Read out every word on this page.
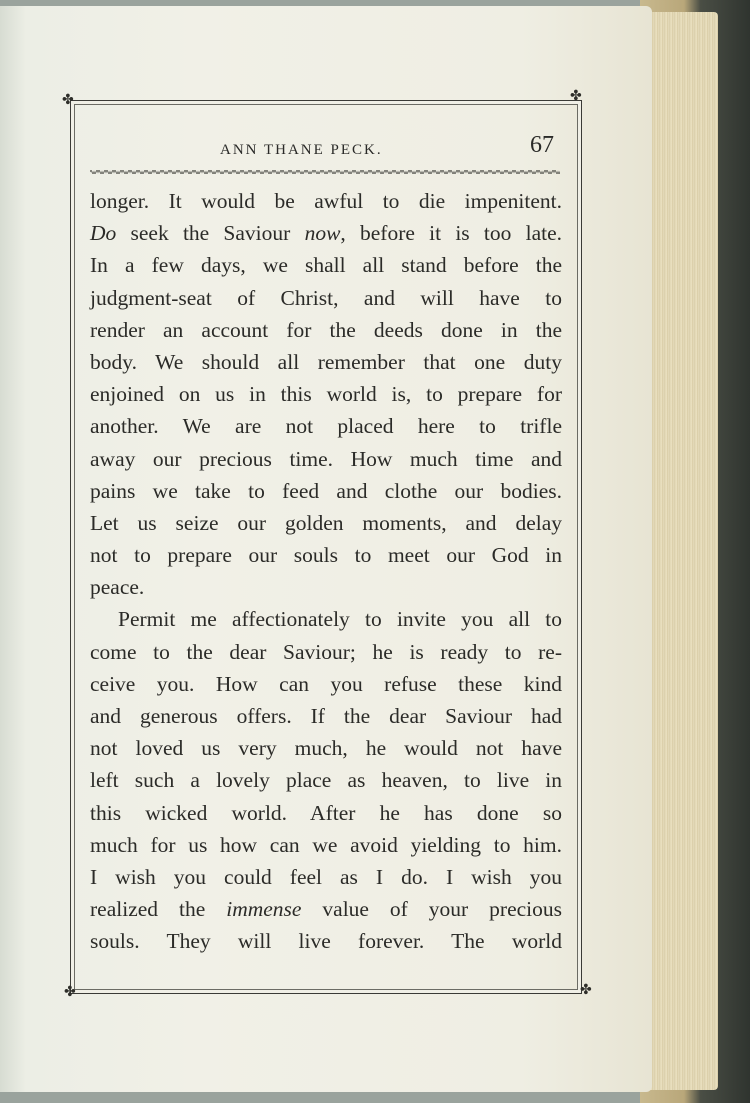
✤	✤
✤	✤
ANN THANE PECK.	67
longer. It would be awful to die impenitent.
Do seek the Saviour now, before it is too late.
In a few days, we shall all stand before the
judgment-seat of Christ, and will have to
render an account for the deeds done in the
body. We should all remember that one duty
enjoined on us in this world is, to prepare for
another. We are not placed here to trifle
away our precious time. How much time and
pains we take to feed and clothe our bodies.
Let us seize our golden moments, and delay
not to prepare our souls to meet our God in
peace.
Permit me affectionately to invite you all to
come to the dear Saviour; he is ready to re-
ceive you. How can you refuse these kind
and generous offers. If the dear Saviour had
not loved us very much, he would not have
left such a lovely place as heaven, to live in
this wicked world. After he has done so
much for us how can we avoid yielding to him.
I wish you could feel as I do. I wish you
realized the immense value of your precious
souls. They will live forever. The world
